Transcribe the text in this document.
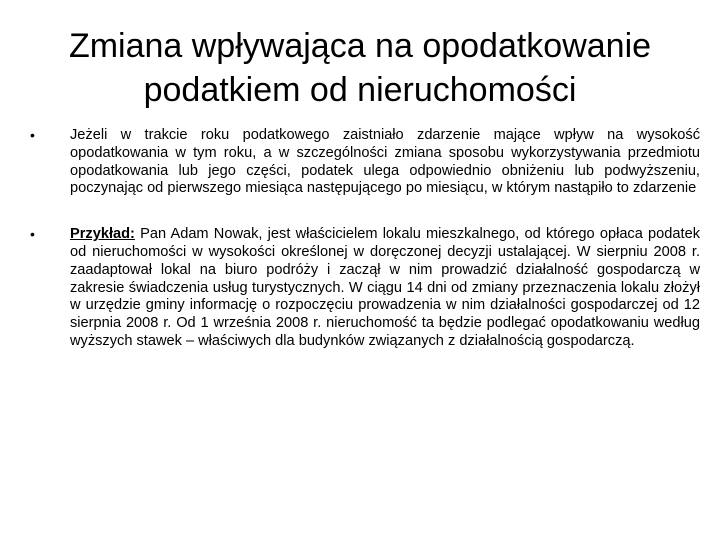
Zmiana wpływająca na opodatkowanie
podatkiem od nieruchomości
•	Jeżeli w trakcie roku podatkowego zaistniało zdarzenie mające wpływ na wysokość opodatkowania w tym roku, a w szczególności zmiana sposobu wykorzystywania przedmiotu opodatkowania lub jego części, podatek ulega odpowiednio obniżeniu lub podwyższeniu, poczynając od pierwszego miesiąca następującego po miesiącu, w którym nastąpiło to zdarzenie
•	Przykład: Pan Adam Nowak, jest właścicielem lokalu mieszkalnego, od którego opłaca podatek od nieruchomości w wysokości określonej w doręczonej decyzji ustalającej. W sierpniu 2008 r. zaadaptował lokal na biuro podróży i zaczął w nim prowadzić działalność gospodarczą w zakresie świadczenia usług turystycznych. W ciągu 14 dni od zmiany przeznaczenia lokalu złożył w urzędzie gminy informację o rozpoczęciu prowadzenia w nim działalności gospodarczej od 12 sierpnia 2008 r. Od 1 września 2008 r. nieruchomość ta będzie podlegać opodatkowaniu według wyższych stawek – właściwych dla budynków związanych z działalnością gospodarczą.
